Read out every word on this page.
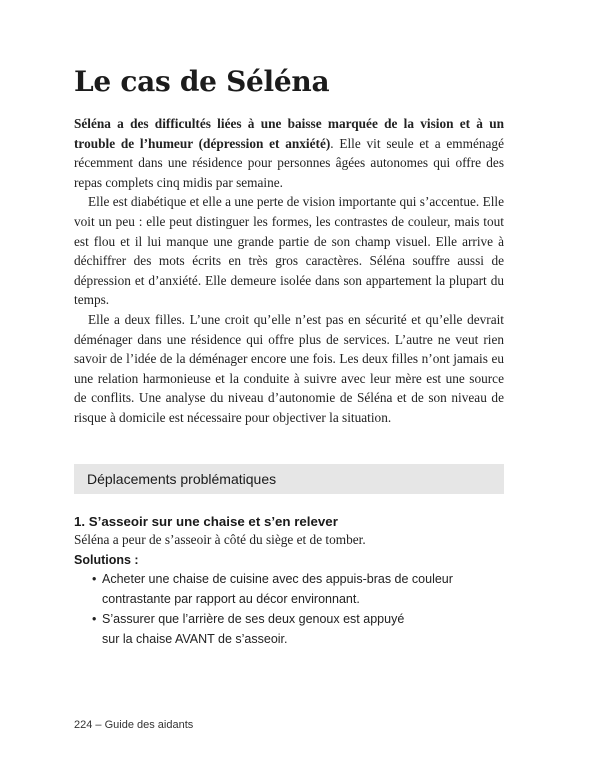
Le cas de Séléna

Séléna a des difficultés liées à une baisse marquée de la vision et à un trouble de l’humeur (dépression et anxiété). Elle vit seule et a emménagé récemment dans une résidence pour personnes âgées autonomes qui offre des repas complets cinq midis par semaine.

Elle est diabétique et elle a une perte de vision importante qui s’accentue. Elle voit un peu : elle peut distinguer les formes, les contrastes de couleur, mais tout est flou et il lui manque une grande partie de son champ visuel. Elle arrive à déchiffrer des mots écrits en très gros caractères. Séléna souffre aussi de dépression et d’anxiété. Elle demeure isolée dans son appartement la plupart du temps.

Elle a deux filles. L’une croit qu’elle n’est pas en sécurité et qu’elle devrait déménager dans une résidence qui offre plus de services. L’autre ne veut rien savoir de l’idée de la déménager encore une fois. Les deux filles n’ont jamais eu une relation harmonieuse et la conduite à suivre avec leur mère est une source de conflits. Une analyse du niveau d’autonomie de Séléna et de son niveau de risque à domicile est nécessaire pour objectiver la situation.

Déplacements problématiques

1. S’asseoir sur une chaise et s’en relever

Séléna a peur de s’asseoir à côté du siège et de tomber.

Solutions :

• Acheter une chaise de cuisine avec des appuis-bras de couleur
contrastante par rapport au décor environnant.
• S’assurer que l’arrière de ses deux genoux est appuyé
sur la chaise AVANT de s’asseoir.
224 – Guide des aidants
